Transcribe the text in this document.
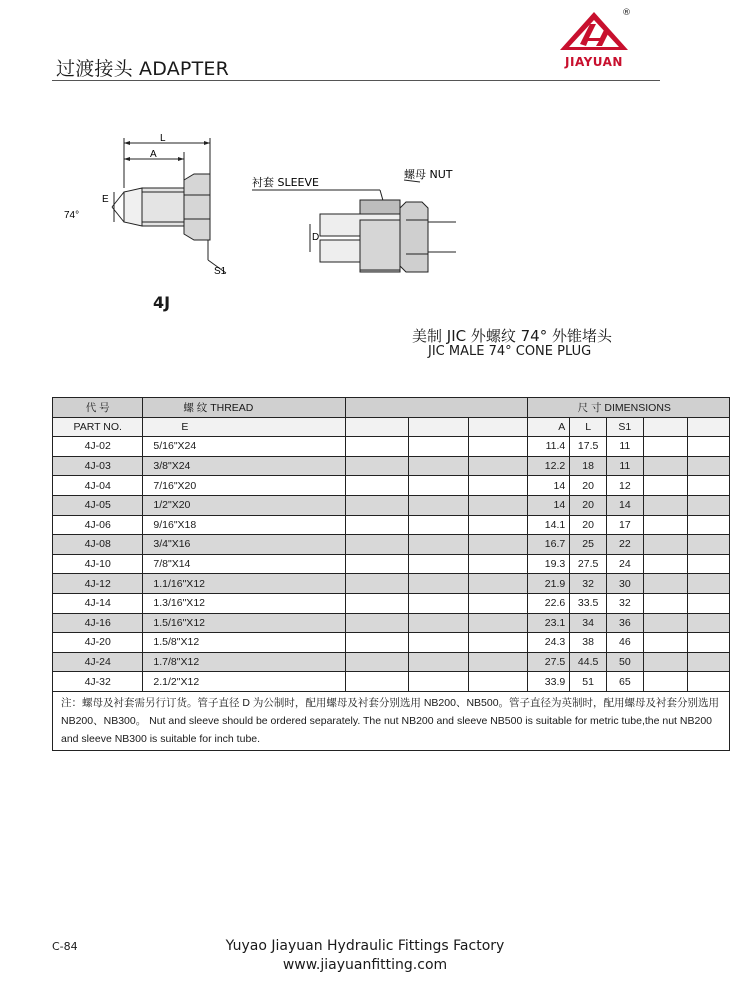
过渡接头 ADAPTER
®
JIAYUAN
L
A
E
74°
S1
衬套 SLEEVE
螺母 NUT
D
4J
美制 JIC 外螺纹 74° 外锥堵头
JIC MALE 74° CONE PLUG
代 号	螺 纹 THREAD				尺 寸 DIMENSIONS				
PART NO.	E				A	L	S1		
4J-02	5/16"X24				11.4	17.5	11		
4J-03	3/8"X24				12.2	18	11		
4J-04	7/16"X20				14	20	12		
4J-05	1/2"X20				14	20	14		
4J-06	9/16"X18				14.1	20	17		
4J-08	3/4"X16				16.7	25	22		
4J-10	7/8"X14				19.3	27.5	24		
4J-12	1.1/16"X12				21.9	32	30		
4J-14	1.3/16"X12				22.6	33.5	32		
4J-16	1.5/16"X12				23.1	34	36		
4J-20	1.5/8"X12				24.3	38	46		
4J-24	1.7/8"X12				27.5	44.5	50		
4J-32	2.1/2"X12				33.9	51	65		
注：螺母及衬套需另行订货。管子直径 D 为公制时，配用螺母及衬套分别选用 NB200、NB500。管子直径为英制时，配用螺母及衬套分别选用 NB200、NB300。 Nut and sleeve should be ordered separately. The nut NB200 and sleeve NB500 is suitable for metric tube,the nut NB200 and sleeve NB300 is suitable for inch tube.									
C-84	Yuyao Jiayuan Hydraulic Fittings Factory
www.jiayuanfitting.com
